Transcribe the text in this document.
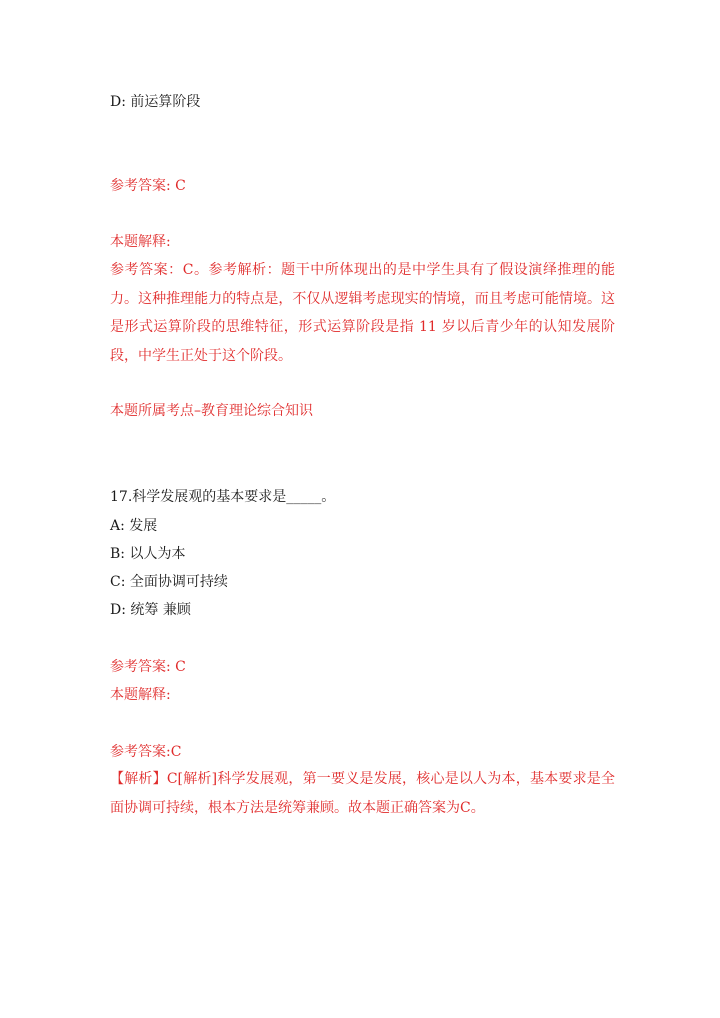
D: 前运算阶段
参考答案: C
本题解释:
参考答案：C。参考解析：题干中所体现出的是中学生具有了假设演绎推理的能力。这种推理能力的特点是，不仅从逻辑考虑现实的情境，而且考虑可能情境。这是形式运算阶段的思维特征，形式运算阶段是指 11 岁以后青少年的认知发展阶段，中学生正处于这个阶段。
本题所属考点–教育理论综合知识
17.科学发展观的基本要求是_____。
A: 发展
B: 以人为本
C: 全面协调可持续
D: 统筹 兼顾
参考答案: C
本题解释:
参考答案:C
【解析】C[解析]科学发展观，第一要义是发展，核心是以人为本，基本要求是全面协调可持续，根本方法是统筹兼顾。故本题正确答案为C。
